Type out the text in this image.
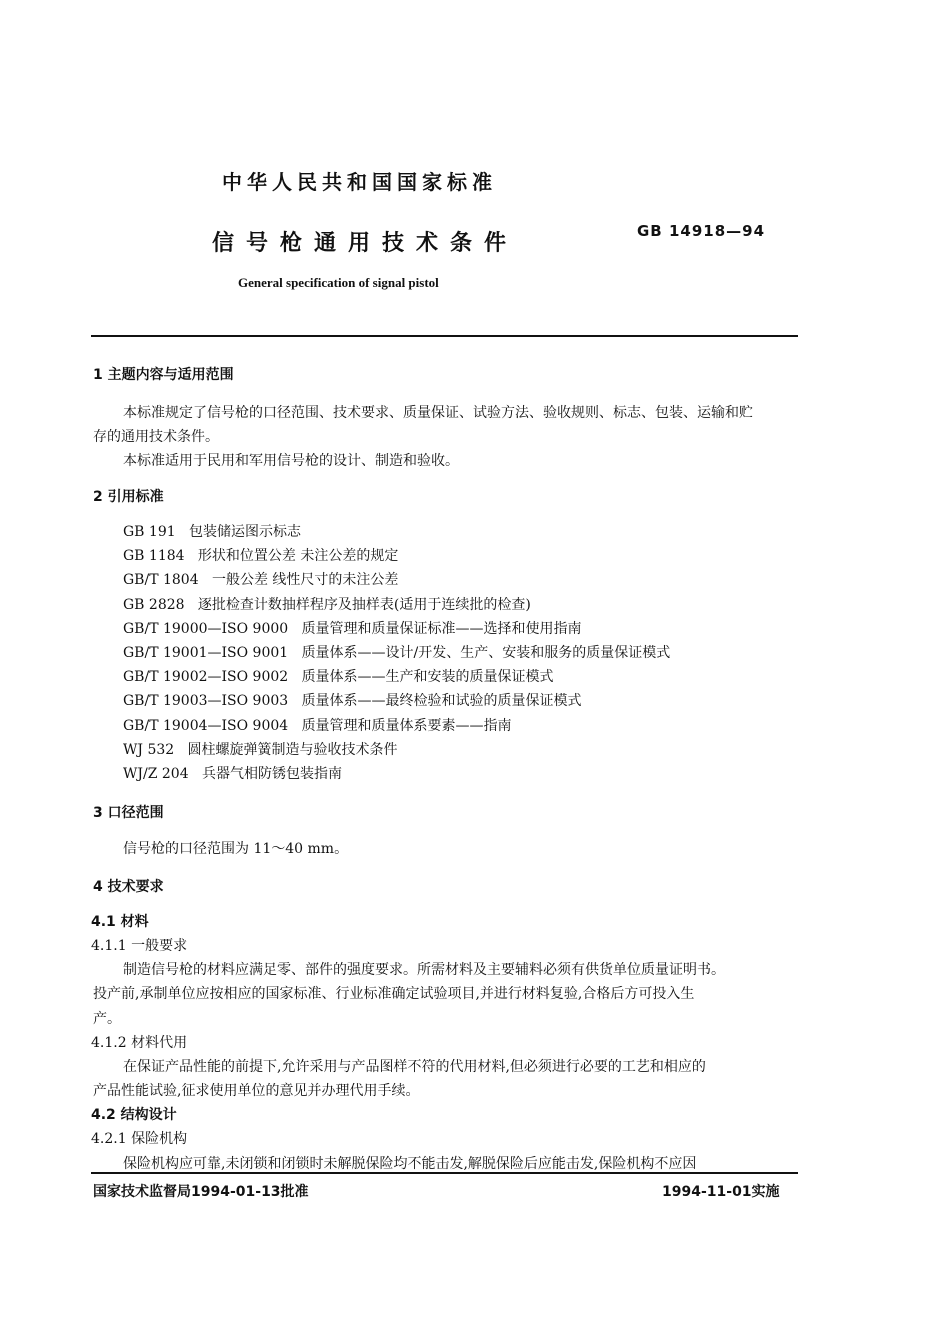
中华人民共和国国家标准
信号枪通用技术条件	GB 14918—94
General specification of signal pistol
1 主题内容与适用范围
本标准规定了信号枪的口径范围、技术要求、质量保证、试验方法、验收规则、标志、包装、运输和贮
存的通用技术条件。
本标准适用于民用和军用信号枪的设计、制造和验收。
2 引用标准
GB 191 包装储运图示标志
GB 1184 形状和位置公差 未注公差的规定
GB/T 1804 一般公差 线性尺寸的未注公差
GB 2828 逐批检查计数抽样程序及抽样表(适用于连续批的检查)
GB/T 19000—ISO 9000 质量管理和质量保证标准——选择和使用指南
GB/T 19001—ISO 9001 质量体系——设计/开发、生产、安装和服务的质量保证模式
GB/T 19002—ISO 9002 质量体系——生产和安装的质量保证模式
GB/T 19003—ISO 9003 质量体系——最终检验和试验的质量保证模式
GB/T 19004—ISO 9004 质量管理和质量体系要素——指南
WJ 532 圆柱螺旋弹簧制造与验收技术条件
WJ/Z 204 兵器气相防锈包装指南
3 口径范围
信号枪的口径范围为 11～40 mm。
4 技术要求
4.1 材料
4.1.1 一般要求
制造信号枪的材料应满足零、部件的强度要求。所需材料及主要辅料必须有供货单位质量证明书。
投产前,承制单位应按相应的国家标准、行业标准确定试验项目,并进行材料复验,合格后方可投入生
产。
4.1.2 材料代用
在保证产品性能的前提下,允许采用与产品图样不符的代用材料,但必须进行必要的工艺和相应的
产品性能试验,征求使用单位的意见并办理代用手续。
4.2 结构设计
4.2.1 保险机构
保险机构应可靠,未闭锁和闭锁时未解脱保险均不能击发,解脱保险后应能击发,保险机构不应因
国家技术监督局1994-01-13批准	1994-11-01实施
